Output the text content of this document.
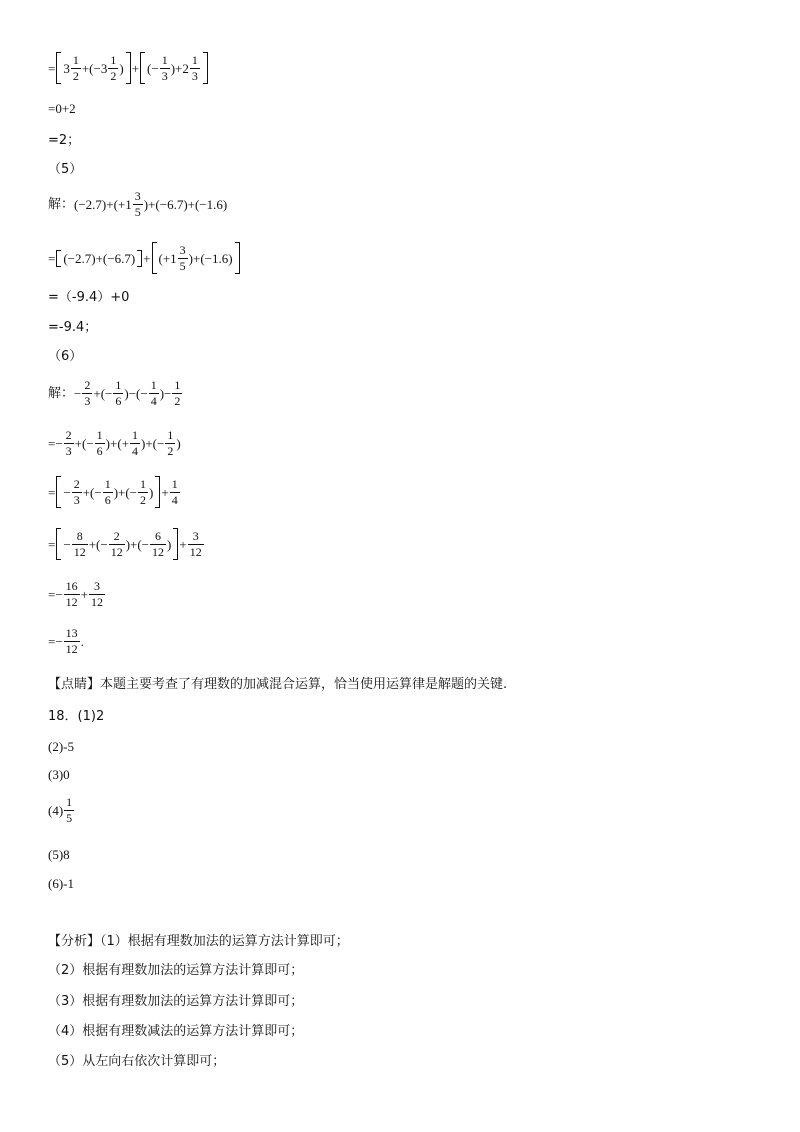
= $3 \frac{1}{2}$ +(− $3 \frac{1}{2}$ ) + (− $\frac{1}{3}$ )+ $2 \frac{1}{3}$
=0+2
=2；
（5）
解： $(-2.7)+(+ 1 \frac{3}{5} )+(-6.7)+(-1.6)$
= (−2.7)+(−6.7) + (+ $1 \frac{3}{5} )+(-1.6)$
=（-9.4）+0
=-9.4；
（6）
解： − $\frac{2}{3}$ +(− $\frac{1}{6}$ )−(− $\frac{1}{4}$ )− $\frac{1}{2}$
=− $\frac{2}{3}$ +(− $\frac{1}{6}$ )+(+ $\frac{1}{4}$ )+(− $\frac{1}{2}$ )
= − $\frac{2}{3}$ +(− $\frac{1}{6}$ )+(− $\frac{1}{2}$ ) + $\frac{1}{4}$
= − $\frac{8}{12}$ +(− $\frac{2}{12}$ )+(− $\frac{6}{12}$ ) + $\frac{3}{12}$
=− $\frac{16}{12} + \frac{3}{12}$
=− $\frac{13}{12}$ .
【点睛】本题主要考查了有理数的加减混合运算，恰当使用运算律是解题的关键.
18．(1)2
(2)-5
(3)0
$(4) \frac{1}{5}$
(5)8
(6)-1
【分析】（1）根据有理数加法的运算方法计算即可；
（2）根据有理数加法的运算方法计算即可；
（3）根据有理数加法的运算方法计算即可；
（4）根据有理数减法的运算方法计算即可；
（5）从左向右依次计算即可；
